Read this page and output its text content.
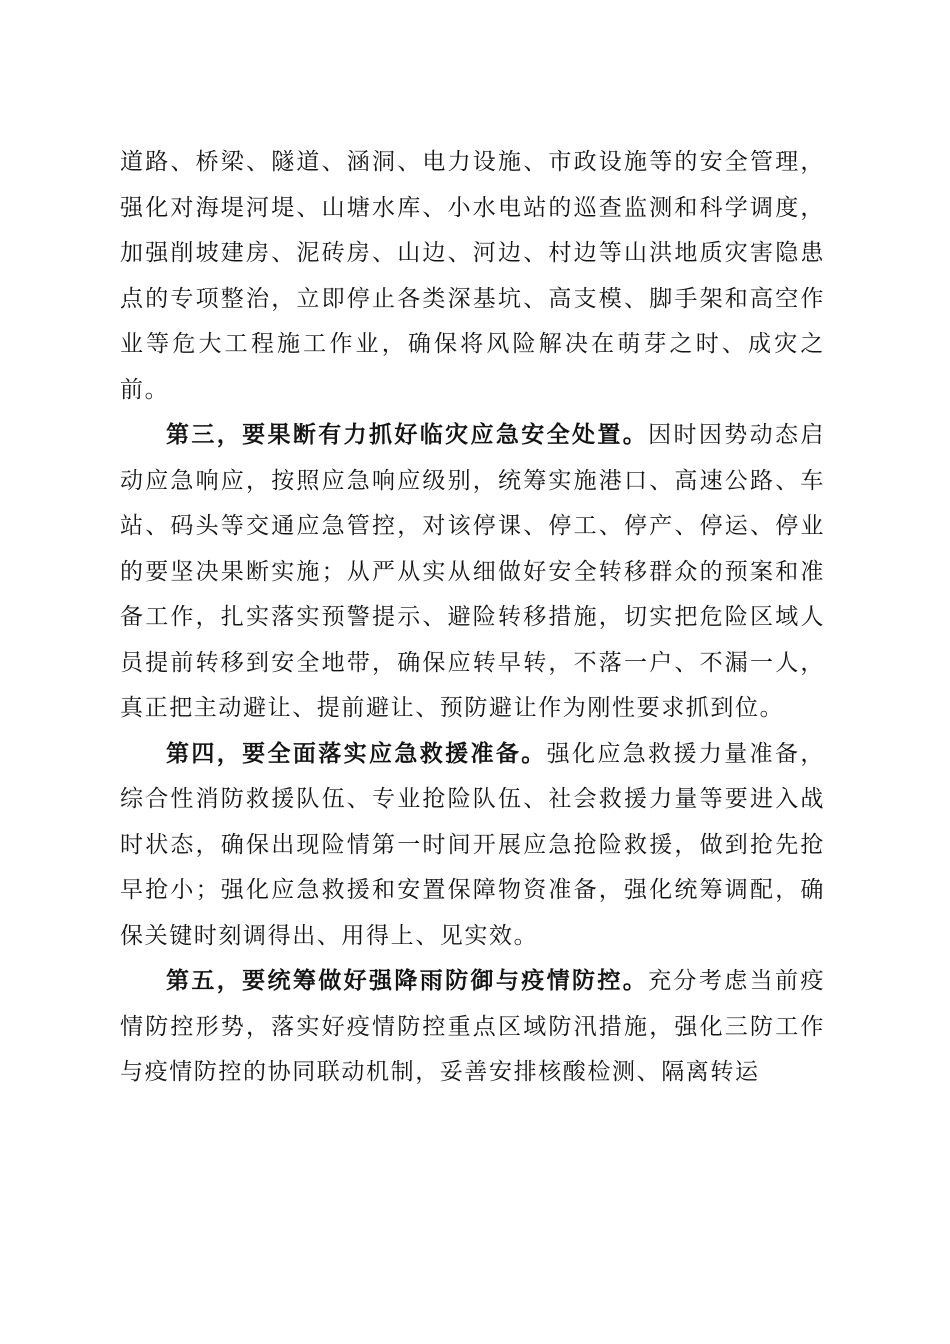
道路、桥梁、隧道、涵洞、电力设施、市政设施等的安全管理，强化对海堤河堤、山塘水库、小水电站的巡查监测和科学调度，加强削坡建房、泥砖房、山边、河边、村边等山洪地质灾害隐患点的专项整治，立即停止各类深基坑、高支模、脚手架和高空作业等危大工程施工作业，确保将风险解决在萌芽之时、成灾之前。

第三，要果断有力抓好临灾应急安全处置。因时因势动态启动应急响应，按照应急响应级别，统筹实施港口、高速公路、车站、码头等交通应急管控，对该停课、停工、停产、停运、停业的要坚决果断实施；从严从实从细做好安全转移群众的预案和准备工作，扎实落实预警提示、避险转移措施，切实把危险区域人员提前转移到安全地带，确保应转早转，不落一户、不漏一人，真正把主动避让、提前避让、预防避让作为刚性要求抓到位。

第四，要全面落实应急救援准备。强化应急救援力量准备，综合性消防救援队伍、专业抢险队伍、社会救援力量等要进入战时状态，确保出现险情第一时间开展应急抢险救援，做到抢先抢早抢小；强化应急救援和安置保障物资准备，强化统筹调配，确保关键时刻调得出、用得上、见实效。

第五，要统筹做好强降雨防御与疫情防控。充分考虑当前疫情防控形势，落实好疫情防控重点区域防汛措施，强化三防工作与疫情防控的协同联动机制，妥善安排核酸检测、隔离转运
